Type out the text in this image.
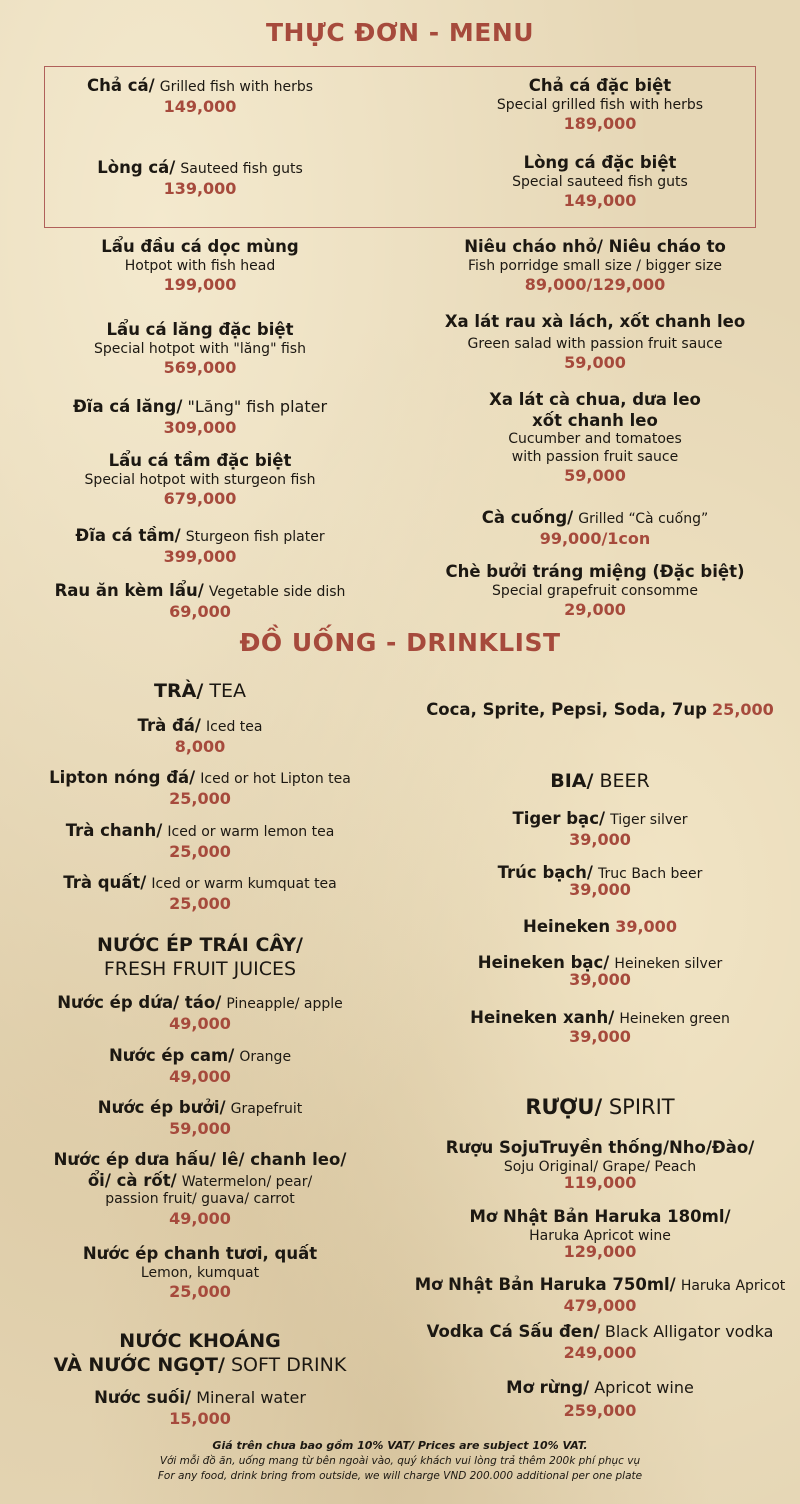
THỰC ĐƠN - MENU
Chả cá/ Grilled fish with herbs
149,000
Lòng cá/ Sauteed fish guts
139,000
Chả cá đặc biệt
Special grilled fish with herbs
189,000
Lòng cá đặc biệt
Special sauteed fish guts
149,000
Lẩu đầu cá dọc mùng
Hotpot with fish head
199,000
Lẩu cá lăng đặc biệt
Special hotpot with "lăng" fish
569,000
Đĩa cá lăng/ "Lăng" fish plater
309,000
Lẩu cá tầm đặc biệt
Special hotpot with sturgeon fish
679,000
Đĩa cá tầm/ Sturgeon fish plater
399,000
Rau ăn kèm lẩu/ Vegetable side dish
69,000
Niêu cháo nhỏ/ Niêu cháo to
Fish porridge small size / bigger size
89,000/129,000
Xa lát rau xà lách, xốt chanh leo
Green salad with passion fruit sauce
59,000
Xa lát cà chua, dưa leo
xốt chanh leo
Cucumber and tomatoes
with passion fruit sauce
59,000
Cà cuống/ Grilled “Cà cuống”
99,000/1con
Chè bưởi tráng miệng (Đặc biệt)
Special grapefruit consomme
29,000
ĐỒ UỐNG - DRINKLIST
TRÀ/ TEA
Trà đá/ Iced tea
8,000
Lipton nóng đá/ Iced or hot Lipton tea
25,000
Trà chanh/ Iced or warm lemon tea
25,000
Trà quất/ Iced or warm kumquat tea
25,000
NƯỚC ÉP TRÁI CÂY/
FRESH FRUIT JUICES
Nước ép dứa/ táo/ Pineapple/ apple
49,000
Nước ép cam/ Orange
49,000
Nước ép bưởi/ Grapefruit
59,000
Nước ép dưa hấu/ lê/ chanh leo/
ổi/ cà rốt/ Watermelon/ pear/
passion fruit/ guava/ carrot
49,000
Nước ép chanh tươi, quất
Lemon, kumquat
25,000
NƯỚC KHOÁNG
VÀ NƯỚC NGỌT/ SOFT DRINK
Nước suối/ Mineral water
15,000
Coca, Sprite, Pepsi, Soda, 7up 25,000
BIA/ BEER
Tiger bạc/ Tiger silver
39,000
Trúc bạch/ Truc Bach beer
39,000
Heineken 39,000
Heineken bạc/ Heineken silver
39,000
Heineken xanh/ Heineken green
39,000
RƯỢU/ SPIRIT
Rượu SojuTruyền thống/Nho/Đào/
Soju Original/ Grape/ Peach
119,000
Mơ Nhật Bản Haruka 180ml/
Haruka Apricot wine
129,000
Mơ Nhật Bản Haruka 750ml/ Haruka Apricot
479,000
Vodka Cá Sấu đen/ Black Alligator vodka
249,000
Mơ rừng/ Apricot wine
259,000
Giá trên chưa bao gồm 10% VAT/ Prices are subject 10% VAT.
Với mỗi đồ ăn, uống mang từ bên ngoài vào, quý khách vui lòng trả thêm 200k phí phục vụ
For any food, drink bring from outside, we will charge VND 200.000 additional per one plate
